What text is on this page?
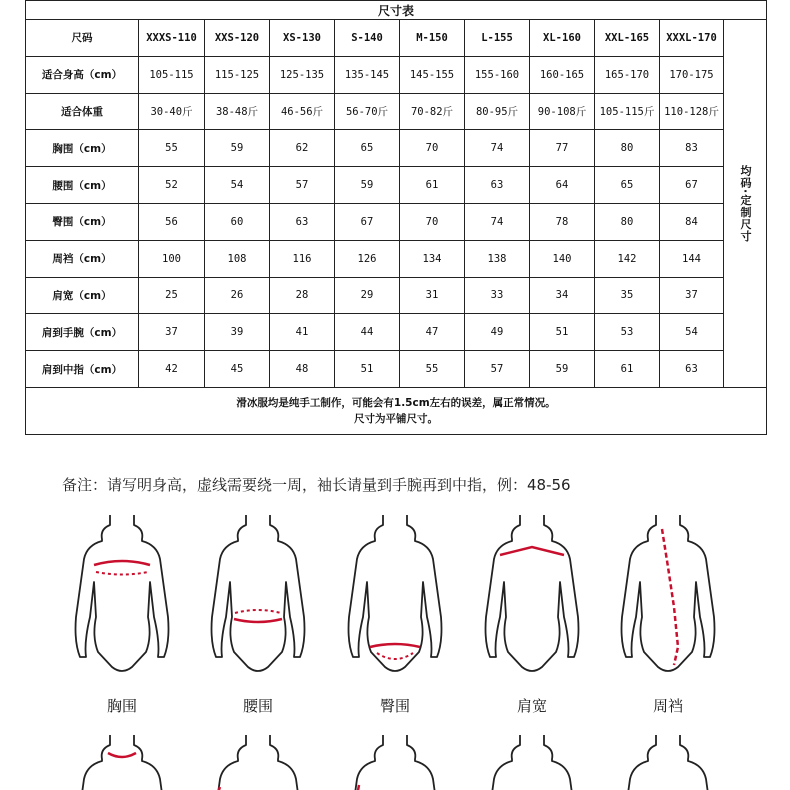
尺寸表										
尺码	XXXS-110	XXS-120	XS-130	S-140	M-150	L-155	XL-160	XXL-165	XXXL-170	均码·定制尺寸
适合身高（cm）	105-115	115-125	125-135	135-145	145-155	155-160	160-165	165-170	170-175	
适合体重	30-40斤	38-48斤	46-56斤	56-70斤	70-82斤	80-95斤	90-108斤	105-115斤	110-128斤	
胸围（cm）	55	59	62	65	70	74	77	80	83	
腰围（cm）	52	54	57	59	61	63	64	65	67	
臀围（cm）	56	60	63	67	70	74	78	80	84	
周裆（cm）	100	108	116	126	134	138	140	142	144	
肩宽（cm）	25	26	28	29	31	33	34	35	37	
肩到手腕（cm）	37	39	41	44	47	49	51	53	54	
肩到中指（cm）	42	45	48	51	55	57	59	61	63	

滑冰服均是纯手工制作，可能会有1.5cm左右的误差，属正常情况。
尺寸为平铺尺寸。										
备注：请写明身高，虚线需要绕一周，袖长请量到手腕再到中指，例：48-56
胸围	腰围	臀围	肩宽	周裆
